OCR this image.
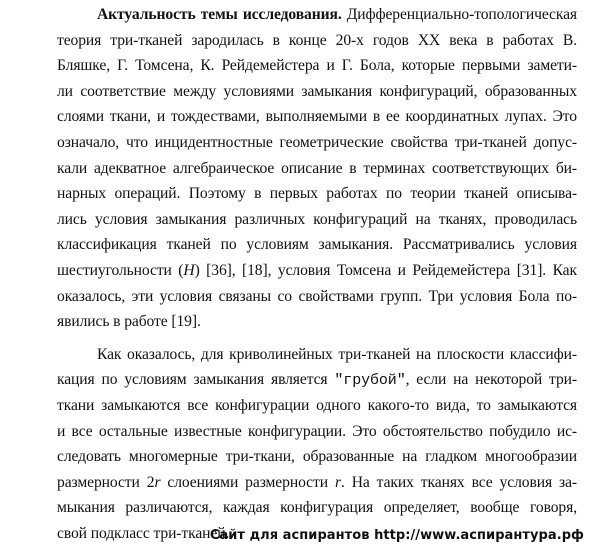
Актуальность темы исследования. Дифференциально-топологическая
теория три-тканей зародилась в конце 20-х годов XX века в работах В.
Бляшке, Г. Томсена, К. Рейдемейстера и Г. Бола, которые первыми замети-
ли соответствие между условиями замыкания конфигураций, образованных
слоями ткани, и тождествами, выполняемыми в ее координатных лупах. Это
означало, что инцидентностные геометрические свойства три-тканей допус-
кали адекватное алгебраическое описание в терминах соответствующих би-
нарных операций. Поэтому в первых работах по теории тканей описыва-
лись условия замыкания различных конфигураций на тканях, проводилась
классификация тканей по условиям замыкания. Рассматривались условия
шестиугольности (H) [36], [18], условия Томсена и Рейдемейстера [31]. Как
оказалось, эти условия связаны со свойствами групп. Три условия Бола по-
явились в работе [19].
Как оказалось, для криволинейных три-тканей на плоскости классифи-
кация по условиям замыкания является "грубой", если на некоторой три-
ткани замыкаются все конфигурации одного какого-то вида, то замыкаются
и все остальные известные конфигурации. Это обстоятельство побудило ис-
следовать многомерные три-ткани, образованные на гладком многообразии
размерности 2r слоениями размерности r. На таких тканях все условия за-
мыкания различаются, каждая конфигурация определяет, вообще говоря,
свой подкласс три-тканей.
Сайт для аспирантов http://www.аспирантура.рф
